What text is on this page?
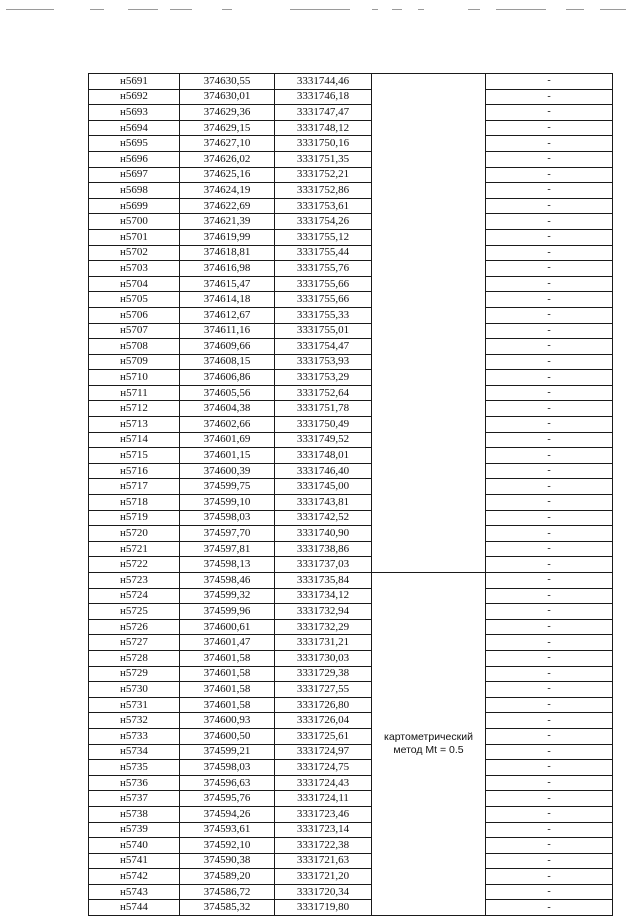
н5691	374630,55	3331744,46		-
н5692	374630,01	3331746,18		-
н5693	374629,36	3331747,47		-
н5694	374629,15	3331748,12		-
н5695	374627,10	3331750,16		-
н5696	374626,02	3331751,35		-
н5697	374625,16	3331752,21		-
н5698	374624,19	3331752,86		-
н5699	374622,69	3331753,61		-
н5700	374621,39	3331754,26		-
н5701	374619,99	3331755,12		-
н5702	374618,81	3331755,44		-
н5703	374616,98	3331755,76		-
н5704	374615,47	3331755,66		-
н5705	374614,18	3331755,66		-
н5706	374612,67	3331755,33		-
н5707	374611,16	3331755,01		-
н5708	374609,66	3331754,47		-
н5709	374608,15	3331753,93		-
н5710	374606,86	3331753,29		-
н5711	374605,56	3331752,64		-
н5712	374604,38	3331751,78		-
н5713	374602,66	3331750,49		-
н5714	374601,69	3331749,52		-
н5715	374601,15	3331748,01		-
н5716	374600,39	3331746,40		-
н5717	374599,75	3331745,00		-
н5718	374599,10	3331743,81		-
н5719	374598,03	3331742,52		-
н5720	374597,70	3331740,90		-
н5721	374597,81	3331738,86		-
н5722	374598,13	3331737,03		-
н5723	374598,46	3331735,84	картометрический метод Mt = 0.5	-
н5724	374599,32	3331734,12		-
н5725	374599,96	3331732,94		-
н5726	374600,61	3331732,29		-
н5727	374601,47	3331731,21		-
н5728	374601,58	3331730,03		-
н5729	374601,58	3331729,38		-
н5730	374601,58	3331727,55		-
н5731	374601,58	3331726,80		-
н5732	374600,93	3331726,04		-
н5733	374600,50	3331725,61		-
н5734	374599,21	3331724,97		-
н5735	374598,03	3331724,75		-
н5736	374596,63	3331724,43		-
н5737	374595,76	3331724,11		-
н5738	374594,26	3331723,46		-
н5739	374593,61	3331723,14		-
н5740	374592,10	3331722,38		-
н5741	374590,38	3331721,63		-
н5742	374589,20	3331721,20		-
н5743	374586,72	3331720,34		-
н5744	374585,32	3331719,80		-
